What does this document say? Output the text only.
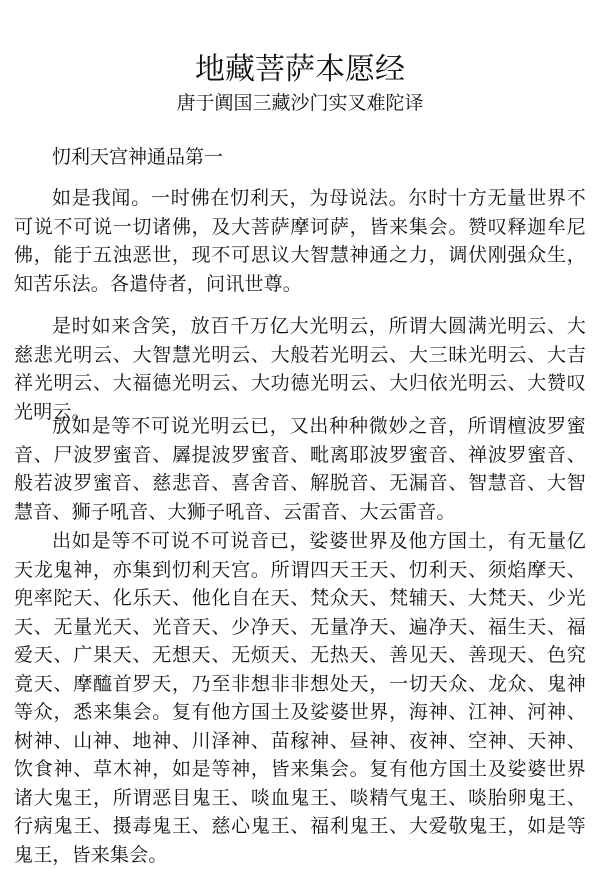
地藏菩萨本愿经

唐于阗国三藏沙门实叉难陀译

忉利天宫神通品第一

如是我闻。一时佛在忉利天，为母说法。尔时十方无量世界不可说不可说一切诸佛，及大菩萨摩诃萨，皆来集会。赞叹释迦牟尼佛，能于五浊恶世，现不可思议大智慧神通之力，调伏刚强众生，知苦乐法。各遣侍者，问讯世尊。

是时如来含笑，放百千万亿大光明云，所谓大圆满光明云、大慈悲光明云、大智慧光明云、大般若光明云、大三昧光明云、大吉祥光明云、大福德光明云、大功德光明云、大归依光明云、大赞叹光明云。

放如是等不可说光明云已，又出种种微妙之音，所谓檀波罗蜜音、尸波罗蜜音、羼提波罗蜜音、毗离耶波罗蜜音、禅波罗蜜音、般若波罗蜜音、慈悲音、喜舍音、解脱音、无漏音、智慧音、大智慧音、狮子吼音、大狮子吼音、云雷音、大云雷音。

出如是等不可说不可说音已，娑婆世界及他方国土，有无量亿天龙鬼神，亦集到忉利天宫。所谓四天王天、忉利天、须焰摩天、兜率陀天、化乐天、他化自在天、梵众天、梵辅天、大梵天、少光天、无量光天、光音天、少净天、无量净天、遍净天、福生天、福爱天、广果天、无想天、无烦天、无热天、善见天、善现天、色究竟天、摩醯首罗天，乃至非想非非想处天，一切天众、龙众、鬼神等众，悉来集会。复有他方国土及娑婆世界，海神、江神、河神、树神、山神、地神、川泽神、苗稼神、昼神、夜神、空神、天神、饮食神、草木神，如是等神，皆来集会。复有他方国土及娑婆世界诸大鬼王，所谓恶目鬼王、啖血鬼王、啖精气鬼王、啖胎卵鬼王、行病鬼王、摄毒鬼王、慈心鬼王、福利鬼王、大爱敬鬼王，如是等鬼王，皆来集会。
